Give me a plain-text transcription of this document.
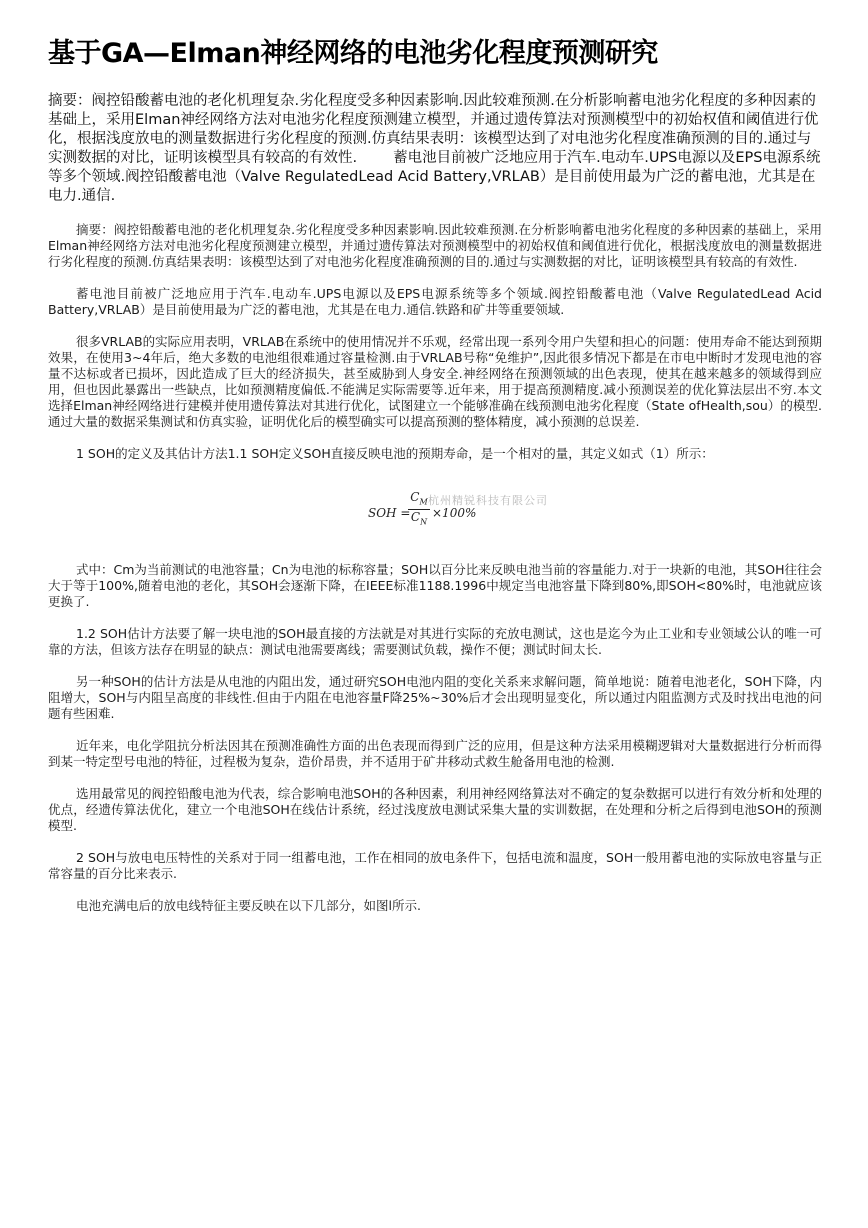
基于GA—Elman神经网络的电池劣化程度预测研究
摘要：阀控铅酸蓄电池的老化机理复杂.劣化程度受多种因素影响.因此较难预测.在分析影响蓄电池劣化程度的多种因素的基础上，采用Elman神经网络方法对电池劣化程度预测建立模型，并通过遗传算法对预测模型中的初始权值和阈值进行优化，根据浅度放电的测量数据进行劣化程度的预测.仿真结果表明：该模型达到了对电池劣化程度准确预测的目的.通过与实测数据的对比，证明该模型具有较高的有效性. 蓄电池目前被广泛地应用于汽车.电动车.UPS电源以及EPS电源系统等多个领域.阀控铅酸蓄电池（Valve RegulatedLead Acid Battery,VRLAB）是目前使用最为广泛的蓄电池，尤其是在电力.通信.

摘要：阀控铅酸蓄电池的老化机理复杂.劣化程度受多种因素影响.因此较难预测.在分析影响蓄电池劣化程度的多种因素的基础上，采用Elman神经网络方法对电池劣化程度预测建立模型，并通过遗传算法对预测模型中的初始权值和阈值进行优化，根据浅度放电的测量数据进行劣化程度的预测.仿真结果表明：该模型达到了对电池劣化程度准确预测的目的.通过与实测数据的对比，证明该模型具有较高的有效性.

蓄电池目前被广泛地应用于汽车.电动车.UPS电源以及EPS电源系统等多个领域.阀控铅酸蓄电池（Valve RegulatedLead Acid Battery,VRLAB）是目前使用最为广泛的蓄电池，尤其是在电力.通信.铁路和矿井等重要领域.

很多VRLAB的实际应用表明，VRLAB在系统中的使用情况并不乐观，经常出现一系列令用户失望和担心的问题：使用寿命不能达到预期效果，在使用3~4年后，绝大多数的电池组很难通过容量检测.由于VRLAB号称“免维护”,因此很多情况下都是在市电中断时才发现电池的容量不达标或者已损坏，因此造成了巨大的经济损失，甚至威胁到人身安全.神经网络在预测领域的出色表现，使其在越来越多的领域得到应用，但也因此暴露出一些缺点，比如预测精度偏低.不能满足实际需要等.近年来，用于提高预测精度.减小预测误差的优化算法层出不穷.本文选择Elman神经网络进行建模并使用遗传算法对其进行优化，试图建立一个能够准确在线预测电池劣化程度（State ofHealth,sou）的模型.通过大量的数据采集测试和仿真实验，证明优化后的模型确实可以提高预测的整体精度，减小预测的总误差.

1 SOH的定义及其估计方法1.1 SOH定义SOH直接反映电池的预期寿命，是一个相对的量，其定义如式（1）所示：

SOH =
$\frac{C_M}{C_N} \times 100\%$
杭州精锐科技有限公司

式中：Cm为当前测试的电池容量；Cn为电池的标称容量；SOH以百分比来反映电池当前的容量能力.对于一块新的电池，其SOH往往会大于等于100%,随着电池的老化，其SOH会逐渐下降，在IEEE标准1188.1996中规定当电池容量下降到80%,即SOH<80%时，电池就应该更换了.

1.2 SOH估计方法要了解一块电池的SOH最直接的方法就是对其进行实际的充放电测试，这也是迄今为止工业和专业领域公认的唯一可靠的方法，但该方法存在明显的缺点：测试电池需要离线；需要测试负载，操作不便；测试时间太长.

另一种SOH的估计方法是从电池的内阻出发，通过研究SOH电池内阻的变化关系来求解问题，简单地说：随着电池老化，SOH下降，内阻增大，SOH与内阻呈高度的非线性.但由于内阻在电池容量F降25%~30%后才会出现明显变化，所以通过内阻监测方式及时找出电池的问题有些困难.

近年来，电化学阻抗分析法因其在预测准确性方面的出色表现而得到广泛的应用，但是这种方法采用模糊逻辑对大量数据进行分析而得到某一特定型号电池的特征，过程极为复杂，造价昂贵，并不适用于矿井移动式救生舱备用电池的检测.

选用最常见的阀控铅酸电池为代表，综合影响电池SOH的各种因素，利用神经网络算法对不确定的复杂数据可以进行有效分析和处理的优点，经遗传算法优化，建立一个电池SOH在线估计系统，经过浅度放电测试采集大量的实训数据，在处理和分析之后得到电池SOH的预测模型.

2 SOH与放电电压特性的关系对于同一组蓄电池，工作在相同的放电条件下，包括电流和温度，SOH一般用蓄电池的实际放电容量与正常容量的百分比来表示.

电池充满电后的放电线特征主要反映在以下几部分，如图l所示.
